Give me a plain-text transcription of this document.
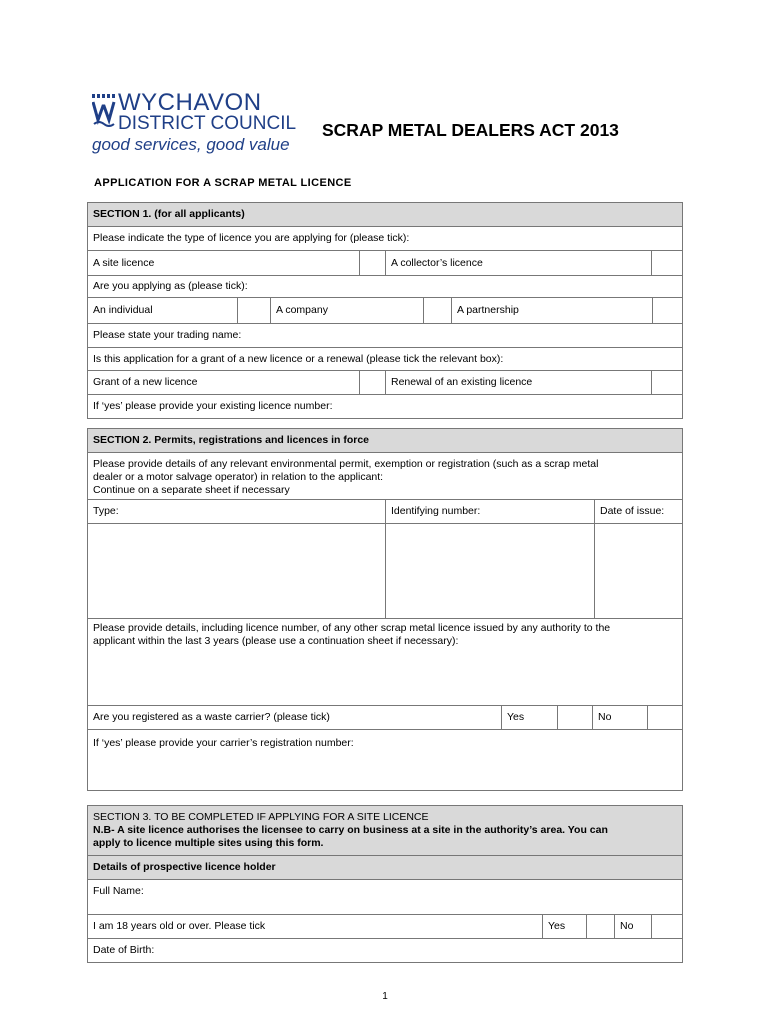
WYCHAVON
DISTRICT COUNCIL
good services, good value
SCRAP METAL DEALERS ACT 2013
APPLICATION FOR A SCRAP METAL LICENCE
SECTION 1. (for all applicants)
Please indicate the type of licence you are applying for (please tick):
A site licence	A collector’s licence
Are you applying as (please tick):
An individual	A company	A partnership
Please state your trading name:
Is this application for a grant of a new licence or a renewal (please tick the relevant box):
Grant of a new licence	Renewal of an existing licence
If ‘yes’ please provide your existing licence number:
SECTION 2. Permits, registrations and licences in force
Please provide details of any relevant environmental permit, exemption or registration (such as a scrap metal
dealer or a motor salvage operator) in relation to the applicant:
Continue on a separate sheet if necessary
Type:	Identifying number:	Date of issue:
Please provide details, including licence number, of any other scrap metal licence issued by any authority to the
applicant within the last 3 years (please use a continuation sheet if necessary):
Are you registered as a waste carrier? (please tick)	Yes	No
If ‘yes’ please provide your carrier’s registration number:
SECTION 3. TO BE COMPLETED IF APPLYING FOR A SITE LICENCE
N.B- A site licence authorises the licensee to carry on business at a site in the authority’s area. You can
apply to licence multiple sites using this form.
Details of prospective licence holder
Full Name:
I am 18 years old or over. Please tick	Yes	No
Date of Birth:
1
